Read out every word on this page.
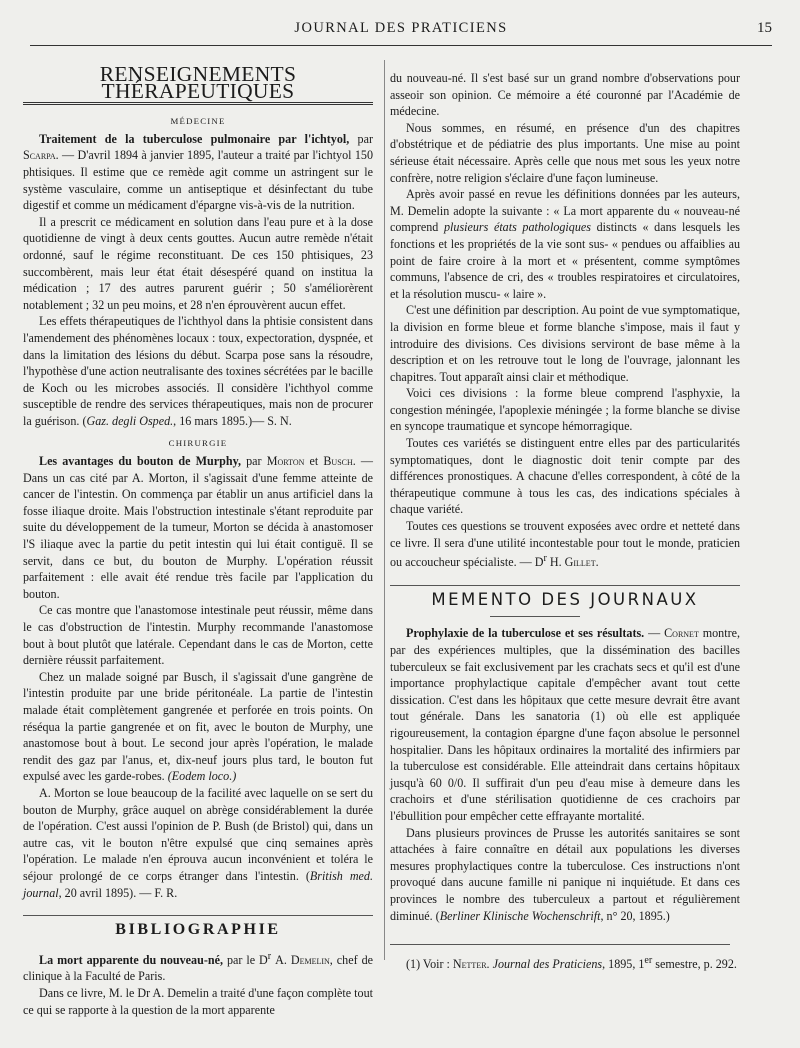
JOURNAL DES PRATICIENS	15
RENSEIGNEMENTS THÉRAPEUTIQUES
MÉDECINE

Traitement de la tuberculose pulmonaire par l'ichtyol, par Scarpa. — D'avril 1894 à janvier 1895, l'auteur a traité par l'ichtyol 150 phtisiques. Il estime que ce remède agit comme un astringent sur le système vasculaire, comme un antiseptique et désinfectant du tube digestif et comme un médicament d'épargne vis-à-vis de la nutrition.

Il a prescrit ce médicament en solution dans l'eau pure et à la dose quotidienne de vingt à deux cents gouttes. Aucun autre remède n'était ordonné, sauf le régime reconstituant. De ces 150 phtisiques, 23 succombèrent, mais leur état était désespéré quand on institua la médication ; 17 des autres parurent guérir ; 50 s'améliorèrent notablement ; 32 un peu moins, et 28 n'en éprouvèrent aucun effet.

Les effets thérapeutiques de l'ichthyol dans la phtisie consistent dans l'amendement des phénomènes locaux : toux, expectoration, dyspnée, et dans la limitation des lésions du début. Scarpa pose sans la résoudre, l'hypothèse d'une action neutralisante des toxines sécrétées par le bacille de Koch ou les microbes associés. Il considère l'ichthyol comme susceptible de rendre des services thérapeutiques, mais non de procurer la guérison. (Gaz. degli Osped., 16 mars 1895.)— S. N.

CHIRURGIE

Les avantages du bouton de Murphy, par Morton et Busch. — Dans un cas cité par A. Morton, il s'agissait d'une femme atteinte de cancer de l'intestin. On commença par établir un anus artificiel dans la fosse iliaque droite. Mais l'obstruction intestinale s'étant reproduite par suite du développement de la tumeur, Morton se décida à anastomoser l'S iliaque avec la partie du petit intestin qui lui était contiguë. Il se servit, dans ce but, du bouton de Murphy. L'opération réussit parfaitement : elle avait été rendue très facile par l'application du bouton.

Ce cas montre que l'anastomose intestinale peut réussir, même dans le cas d'obstruction de l'intestin. Murphy recommande l'anastomose bout à bout plutôt que latérale. Cependant dans le cas de Morton, cette dernière réussit parfaitement.

Chez un malade soigné par Busch, il s'agissait d'une gangrène de l'intestin produite par une bride péritonéale. La partie de l'intestin malade était complètement gangrenée et perforée en trois points. On réséqua la partie gangrenée et on fit, avec le bouton de Murphy, une anastomose bout à bout. Le second jour après l'opération, le malade rendit des gaz par l'anus, et, dix-neuf jours plus tard, le bouton fut expulsé avec les garde-robes. (Eodem loco.)

A. Morton se loue beaucoup de la facilité avec laquelle on se sert du bouton de Murphy, grâce auquel on abrège considérablement la durée de l'opération. C'est aussi l'opinion de P. Bush (de Bristol) qui, dans un autre cas, vit le bouton n'être expulsé que cinq semaines après l'opération. Le malade n'en éprouva aucun inconvénient et toléra le séjour prolongé de ce corps étranger dans l'intestin. (British med. journal, 20 avril 1895). — F. R.

BIBLIOGRAPHIE

La mort apparente du nouveau-né, par le $D^r$ A. Demelin, chef de clinique à la Faculté de Paris.

Dans ce livre, M. le Dr A. Demelin a traité d'une façon complète tout ce qui se rapporte à la question de la mort apparente

du nouveau-né. Il s'est basé sur un grand nombre d'observations pour asseoir son opinion. Ce mémoire a été couronné par l'Académie de médecine.

Nous sommes, en résumé, en présence d'un des chapitres d'obstétrique et de pédiatrie des plus importants. Une mise au point sérieuse était nécessaire. Après celle que nous met sous les yeux notre confrère, notre religion s'éclaire d'une façon lumineuse.

Après avoir passé en revue les définitions données par les auteurs, M. Demelin adopte la suivante : « La mort apparente du « nouveau-né comprend plusieurs états pathologiques distincts « dans lesquels les fonctions et les propriétés de la vie sont sus- « pendues ou affaiblies au point de faire croire à la mort et « présentent, comme symptômes communs, l'absence de cri, des « troubles respiratoires et circulatoires, et la résolution muscu- « laire ».

C'est une définition par description. Au point de vue symptomatique, la division en forme bleue et forme blanche s'impose, mais il faut y introduire des divisions. Ces divisions serviront de base même à la description et on les retrouve tout le long de l'ouvrage, jalonnant les chapitres. Tout apparaît ainsi clair et méthodique.

Voici ces divisions : la forme bleue comprend l'asphyxie, la congestion méningée, l'apoplexie méningée ; la forme blanche se divise en syncope traumatique et syncope hémorragique.

Toutes ces variétés se distinguent entre elles par des particularités symptomatiques, dont le diagnostic doit tenir compte par des différences pronostiques. A chacune d'elles correspondent, à côté de la thérapeutique commune à tous les cas, des indications spéciales à chaque variété.

Toutes ces questions se trouvent exposées avec ordre et netteté dans ce livre. Il sera d'une utilité incontestable pour tout le monde, praticien ou accoucheur spécialiste. — $D^r$ H. Gillet.

MEMENTO DES JOURNAUX

Prophylaxie de la tuberculose et ses résultats. — Cornet montre, par des expériences multiples, que la dissémination des bacilles tuberculeux se fait exclusivement par les crachats secs et qu'il est d'une importance prophylactique capitale d'empêcher avant tout cette dissication. C'est dans les hôpitaux que cette mesure devrait être avant tout générale. Dans les sanatoria (1) où elle est appliquée rigoureusement, la contagion épargne d'une façon absolue le personnel hospitalier. Dans les hôpitaux ordinaires la mortalité des infirmiers par la tuberculose est considérable. Elle atteindrait dans certains hôpitaux jusqu'à 60 0/0. Il suffirait d'un peu d'eau mise à demeure dans les crachoirs et d'une stérilisation quotidienne de ces crachoirs par l'ébullition pour empêcher cette effrayante mortalité.

Dans plusieurs provinces de Prusse les autorités sanitaires se sont attachées à faire connaître en détail aux populations les diverses mesures prophylactiques contre la tuberculose. Ces instructions n'ont provoqué dans aucune famille ni panique ni inquiétude. Et dans ces provinces le nombre des tuberculeux a partout et régulièrement diminué. (Berliner Klinische Wochenschrift, n° 20, 1895.)

(1) Voir : Netter. Journal des Praticiens, 1895, 1er semestre, p. 292.
